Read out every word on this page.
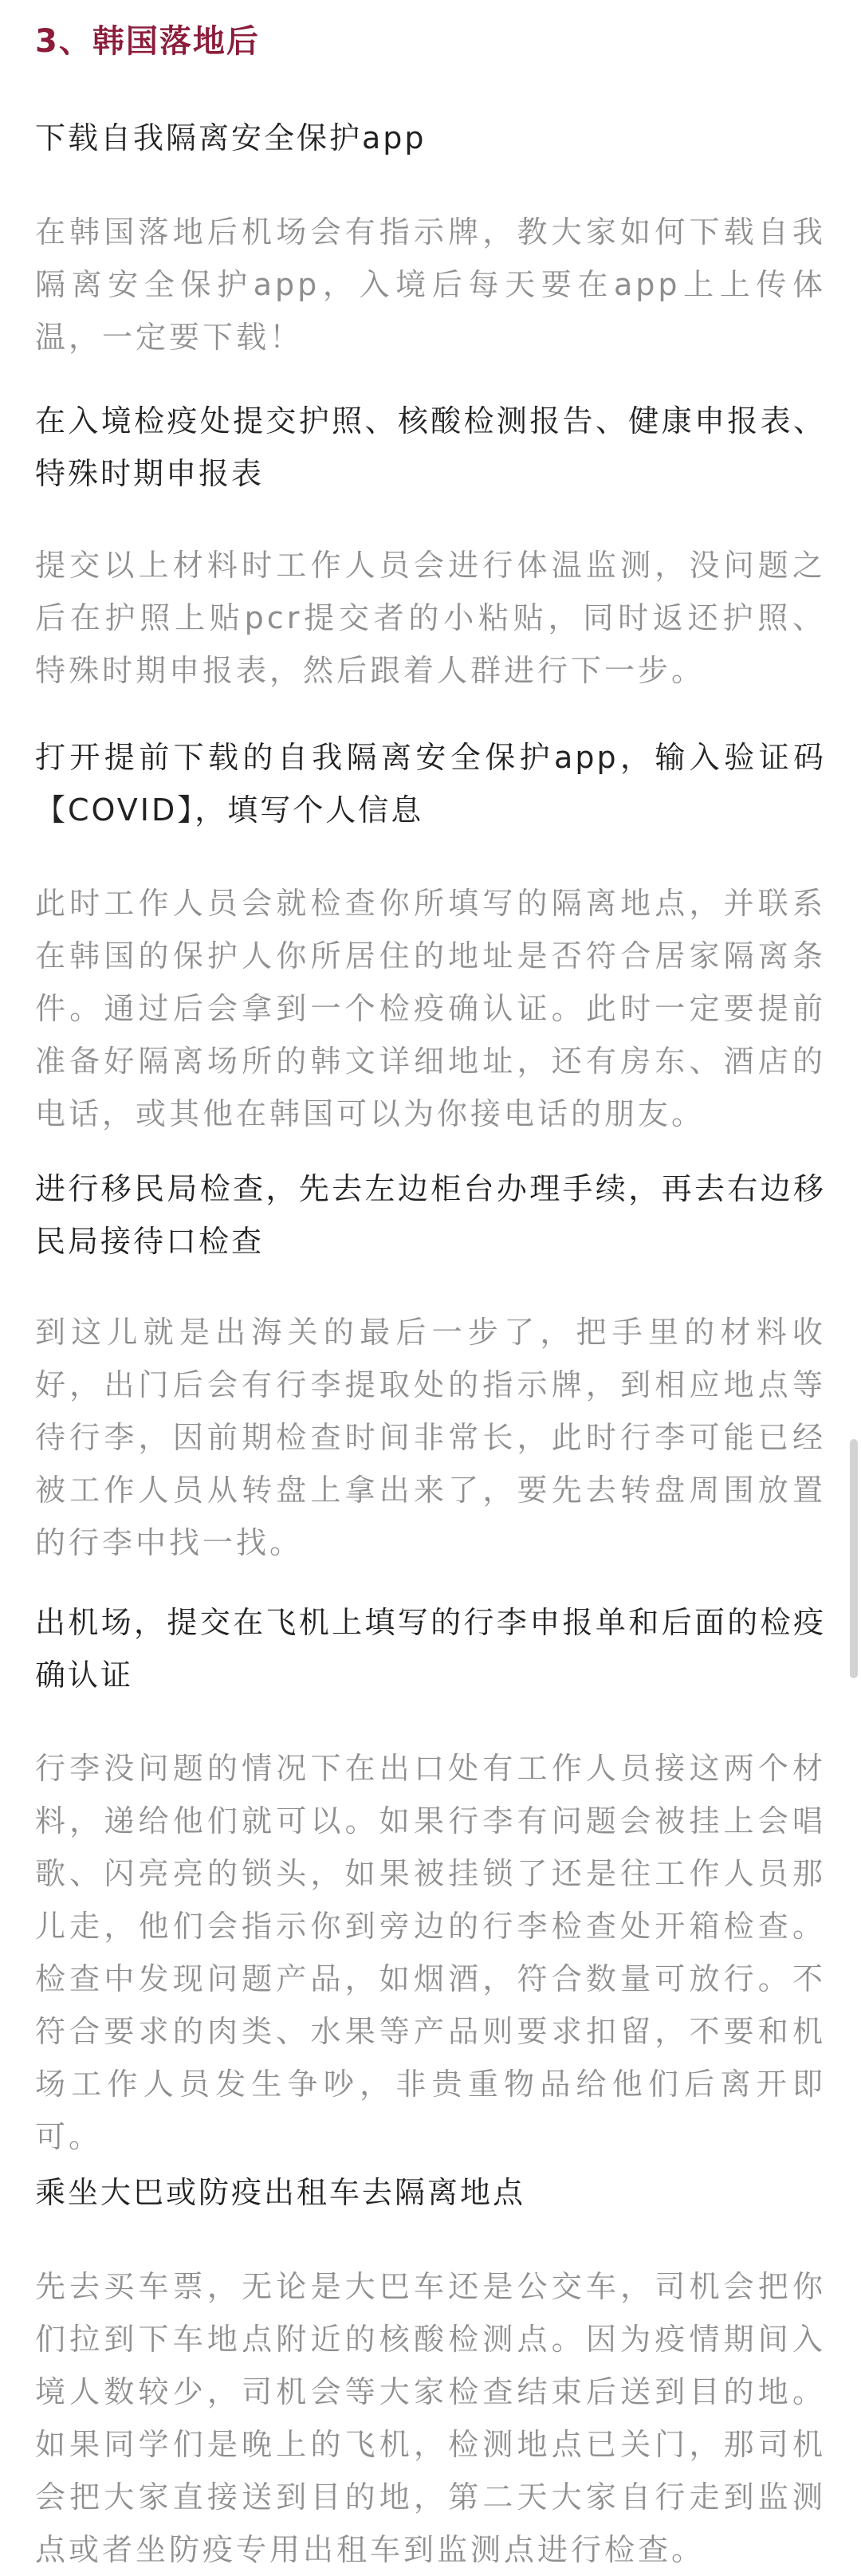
3、韩国落地后
下载自我隔离安全保护app
在韩国落地后机场会有指示牌，教大家如何下载自我隔离安全保护app，入境后每天要在app上上传体温，一定要下载！
在入境检疫处提交护照、核酸检测报告、健康申报表、特殊时期申报表
提交以上材料时工作人员会进行体温监测，没问题之后在护照上贴pcr提交者的小粘贴，同时返还护照、特殊时期申报表，然后跟着人群进行下一步。
打开提前下载的自我隔离安全保护app，输入验证码【COVID】，填写个人信息
此时工作人员会就检查你所填写的隔离地点，并联系在韩国的保护人你所居住的地址是否符合居家隔离条件。通过后会拿到一个检疫确认证。此时一定要提前准备好隔离场所的韩文详细地址，还有房东、酒店的电话，或其他在韩国可以为你接电话的朋友。
进行移民局检查，先去左边柜台办理手续，再去右边移民局接待口检查
到这儿就是出海关的最后一步了，把手里的材料收好，出门后会有行李提取处的指示牌，到相应地点等待行李，因前期检查时间非常长，此时行李可能已经被工作人员从转盘上拿出来了，要先去转盘周围放置的行李中找一找。
出机场，提交在飞机上填写的行李申报单和后面的检疫确认证
行李没问题的情况下在出口处有工作人员接这两个材料，递给他们就可以。如果行李有问题会被挂上会唱歌、闪亮亮的锁头，如果被挂锁了还是往工作人员那儿走，他们会指示你到旁边的行李检查处开箱检查。检查中发现问题产品，如烟酒，符合数量可放行。不符合要求的肉类、水果等产品则要求扣留，不要和机场工作人员发生争吵，非贵重物品给他们后离开即可。
乘坐大巴或防疫出租车去隔离地点
先去买车票，无论是大巴车还是公交车，司机会把你们拉到下车地点附近的核酸检测点。因为疫情期间入境人数较少，司机会等大家检查结束后送到目的地。如果同学们是晚上的飞机，检测地点已关门，那司机会把大家直接送到目的地，第二天大家自行走到监测点或者坐防疫专用出租车到监测点进行检查。
